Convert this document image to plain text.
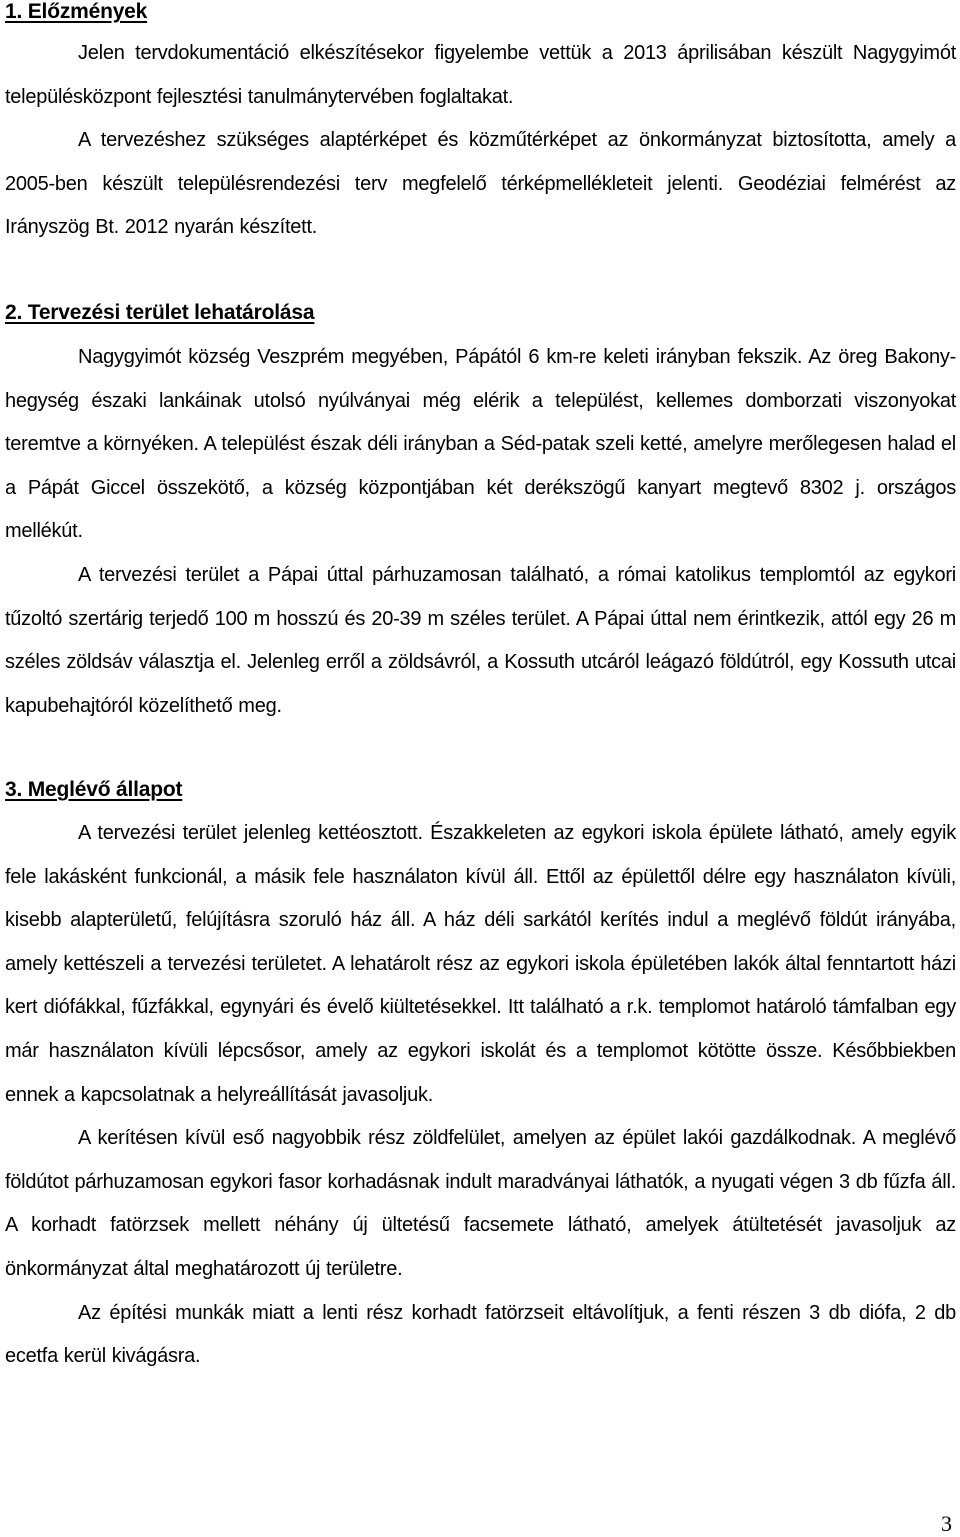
1. Előzmények

Jelen tervdokumentáció elkészítésekor figyelembe vettük a 2013 áprilisában készült Nagygyimót településközpont fejlesztési tanulmánytervében foglaltakat.

A tervezéshez szükséges alaptérképet és közműtérképet az önkormányzat biztosította, amely a 2005-ben készült településrendezési terv megfelelő térképmellékleteit jelenti. Geodéziai felmérést az Irányszög Bt. 2012 nyarán készített.

2. Tervezési terület lehatárolása

Nagygyimót község Veszprém megyében, Pápától 6 km-re keleti irányban fekszik. Az öreg Bakony-hegység északi lankáinak utolsó nyúlványai még elérik a települést, kellemes domborzati viszonyokat teremtve a környéken. A települést észak déli irányban a Séd-patak szeli ketté, amelyre merőlegesen halad el a Pápát Giccel összekötő, a község központjában két derékszögű kanyart megtevő 8302 j. országos mellékút.

A tervezési terület a Pápai úttal párhuzamosan található, a római katolikus templomtól az egykori tűzoltó szertárig terjedő 100 m hosszú és 20-39 m széles terület. A Pápai úttal nem érintkezik, attól egy 26 m széles zöldsáv választja el. Jelenleg erről a zöldsávról, a Kossuth utcáról leágazó földútról, egy Kossuth utcai kapubehajtóról közelíthető meg.

3. Meglévő állapot

A tervezési terület jelenleg kettéosztott. Északkeleten az egykori iskola épülete látható, amely egyik fele lakásként funkcionál, a másik fele használaton kívül áll. Ettől az épülettől délre egy használaton kívüli, kisebb alapterületű, felújításra szoruló ház áll. A ház déli sarkától kerítés indul a meglévő földút irányába, amely kettészeli a tervezési területet. A lehatárolt rész az egykori iskola épületében lakók által fenntartott házi kert diófákkal, fűzfákkal, egynyári és évelő kiültetésekkel. Itt található a r.k. templomot határoló támfalban egy már használaton kívüli lépcsősor, amely az egykori iskolát és a templomot kötötte össze. Későbbiekben ennek a kapcsolatnak a helyreállítását javasoljuk.

A kerítésen kívül eső nagyobbik rész zöldfelület, amelyen az épület lakói gazdálkodnak. A meglévő földútot párhuzamosan egykori fasor korhadásnak indult maradványai láthatók, a nyugati végen 3 db fűzfa áll. A korhadt fatörzsek mellett néhány új ültetésű facsemete látható, amelyek átültetését javasoljuk az önkormányzat által meghatározott új területre.

Az építési munkák miatt a lenti rész korhadt fatörzseit eltávolítjuk, a fenti részen 3 db diófa, 2 db ecetfa kerül kivágásra.

3
